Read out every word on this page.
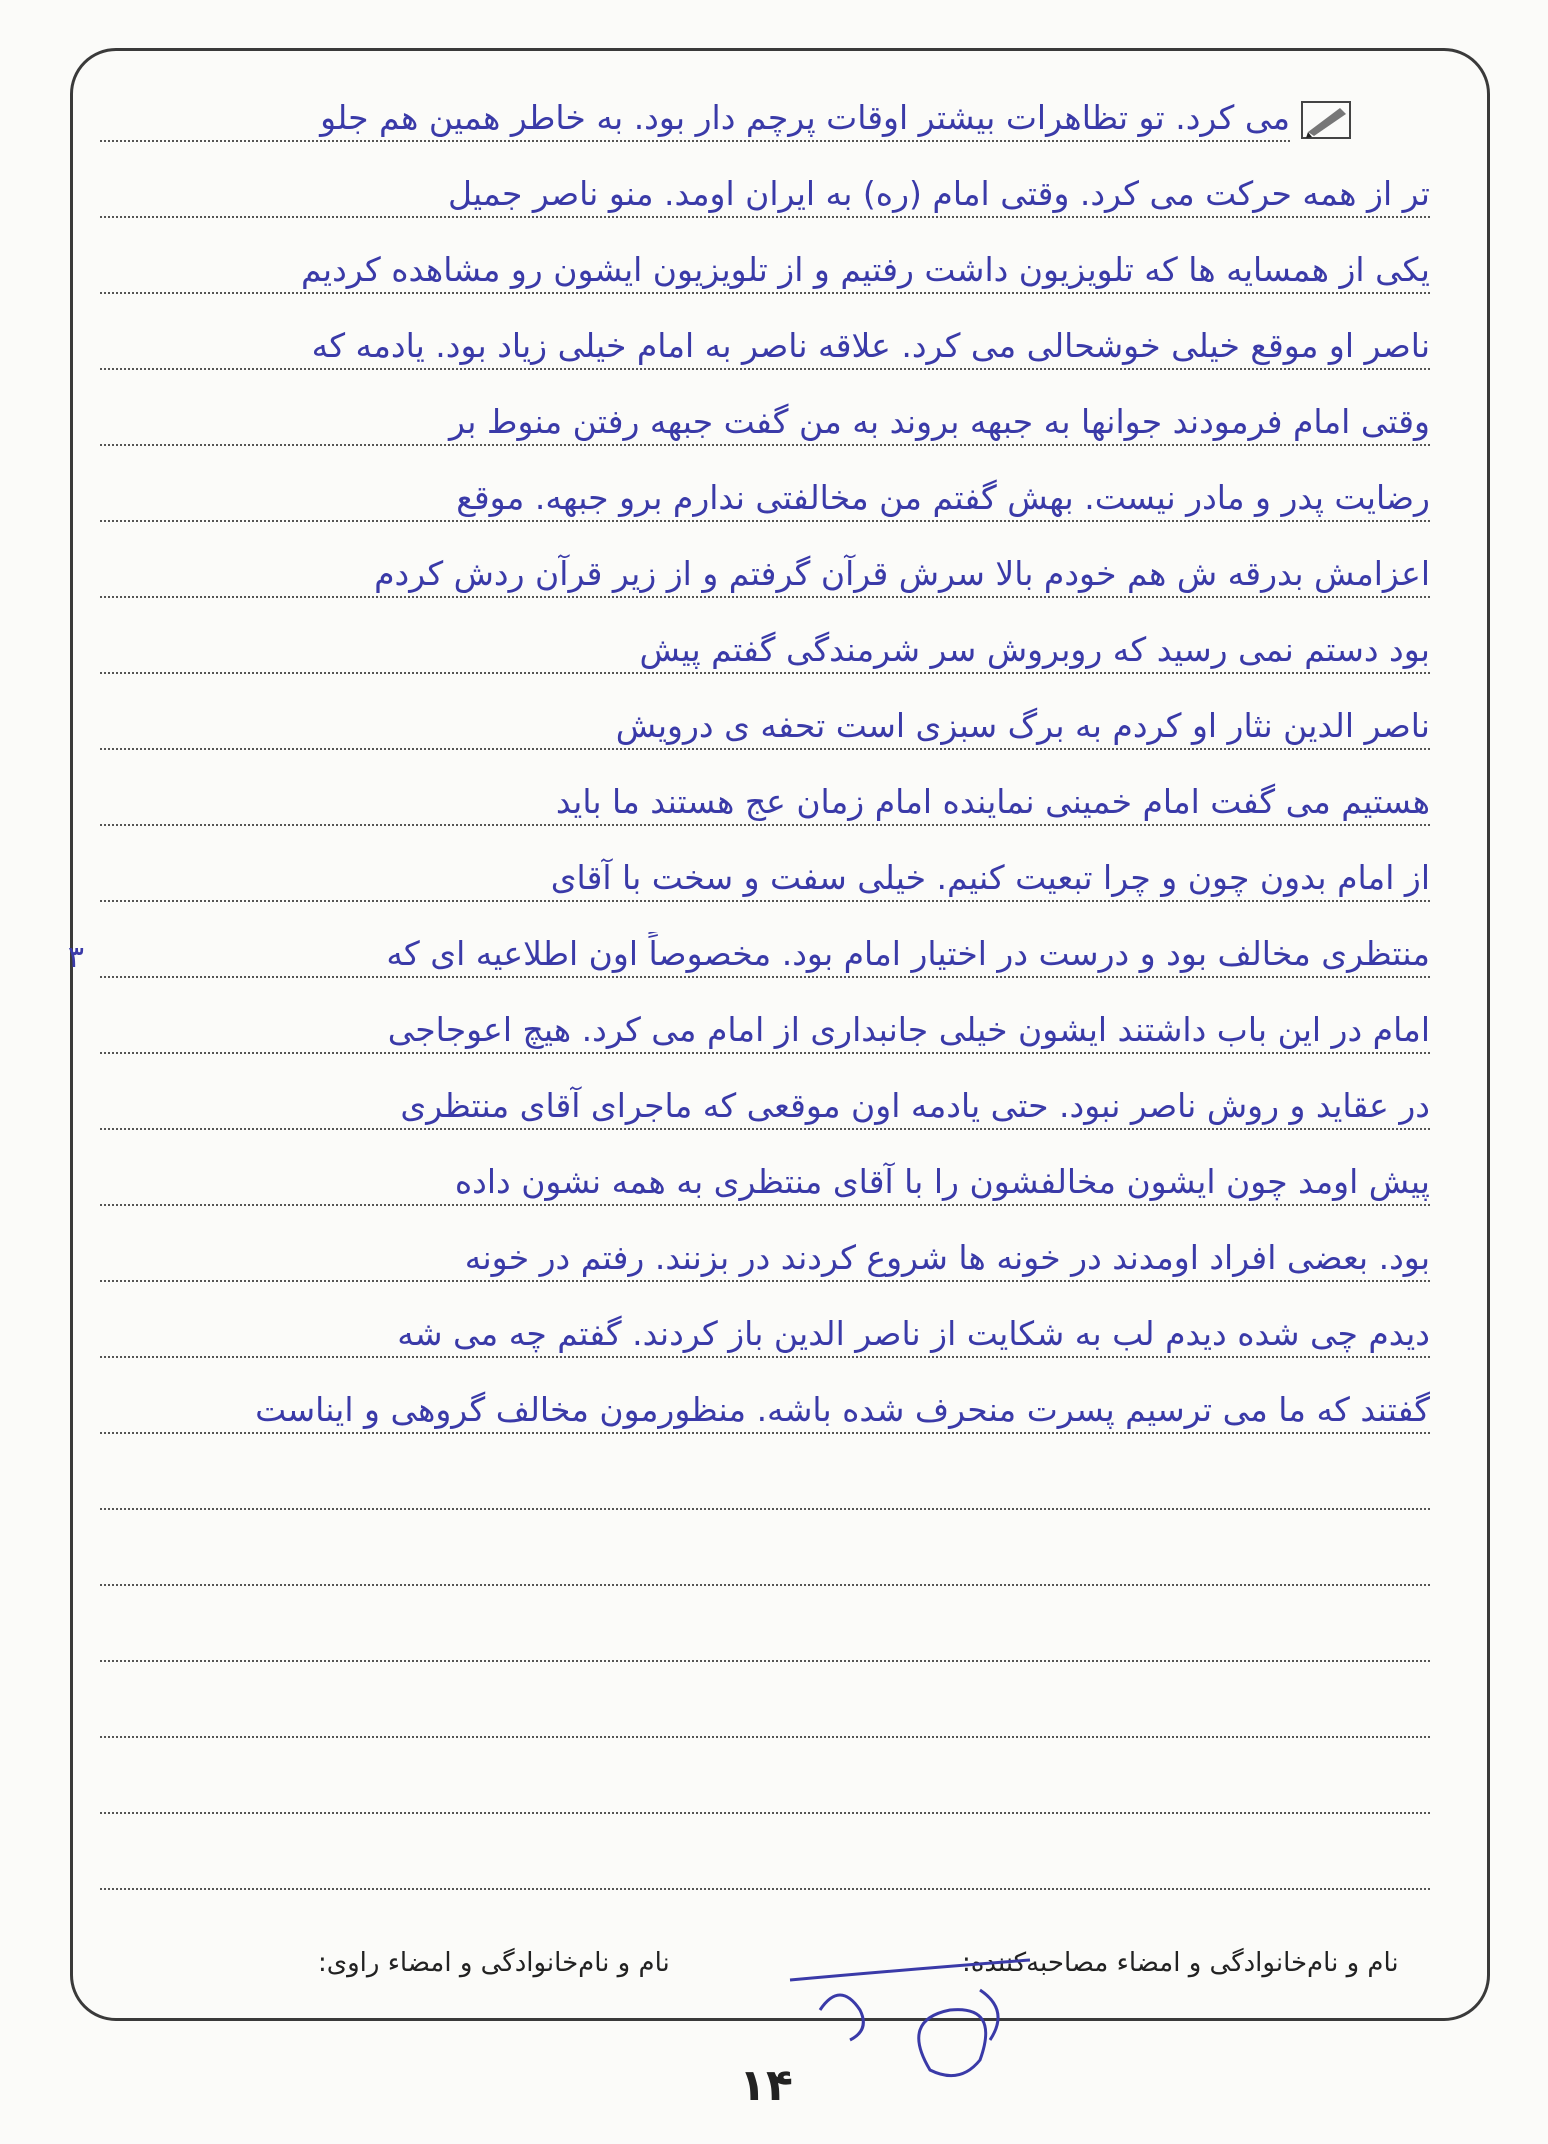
می کرد. تو تظاهرات بیشتر اوقات پرچم دار بود. به خاطر همین هم جلو
تر از همه حرکت می کرد. وقتی امام (ره) به ایران اومد. منو ناصر جمیل
یکی از همسایه ها که تلویزیون داشت رفتیم و از تلویزیون ایشون رو مشاهده کردیم
ناصر او موقع خیلی خوشحالی می کرد. علاقه ناصر به امام خیلی زیاد بود. یادمه که
وقتی امام فرمودند جوانها به جبهه بروند به من گفت جبهه رفتن منوط بر
رضایت پدر و مادر نیست. بهش گفتم من مخالفتی ندارم برو جبهه. موقع
اعزامش بدرقه ش هم خودم بالا سرش قرآن گرفتم و از زیر قرآن ردش کردم
بود دستم نمی رسید که روبروش سر شرمندگی گفتم پیش
ناصر الدین نثار او کردم به برگ سبزی است تحفه ی درویش
هستیم می گفت امام خمینی نماینده امام زمان عج هستند ما باید
از امام بدون چون و چرا تبعیت کنیم. خیلی سفت و سخت با آقای
منتظری مخالف بود و درست در اختیار امام بود. مخصوصاً اون اطلاعیه ای که
امام در این باب داشتند ایشون خیلی جانبداری از امام می کرد. هیچ اعوجاجی
در عقاید و روش ناصر نبود. حتی یادمه اون موقعی که ماجرای آقای منتظری
پیش اومد چون ایشون مخالفشون را با آقای منتظری به همه نشون داده
بود. بعضی افراد اومدند در خونه ها شروع کردند در بزنند. رفتم در خونه
دیدم چی شده دیدم لب به شکایت از ناصر الدین باز کردند. گفتم چه می شه
گفتند که ما می ترسیم پسرت منحرف شده باشه. منظورمون مخالف گروهی و ایناست
۳
نام و نام‌خانوادگی و امضاء راوی:	نام و نام‌خانوادگی و امضاء مصاحبه‌کننده:
۱۴
